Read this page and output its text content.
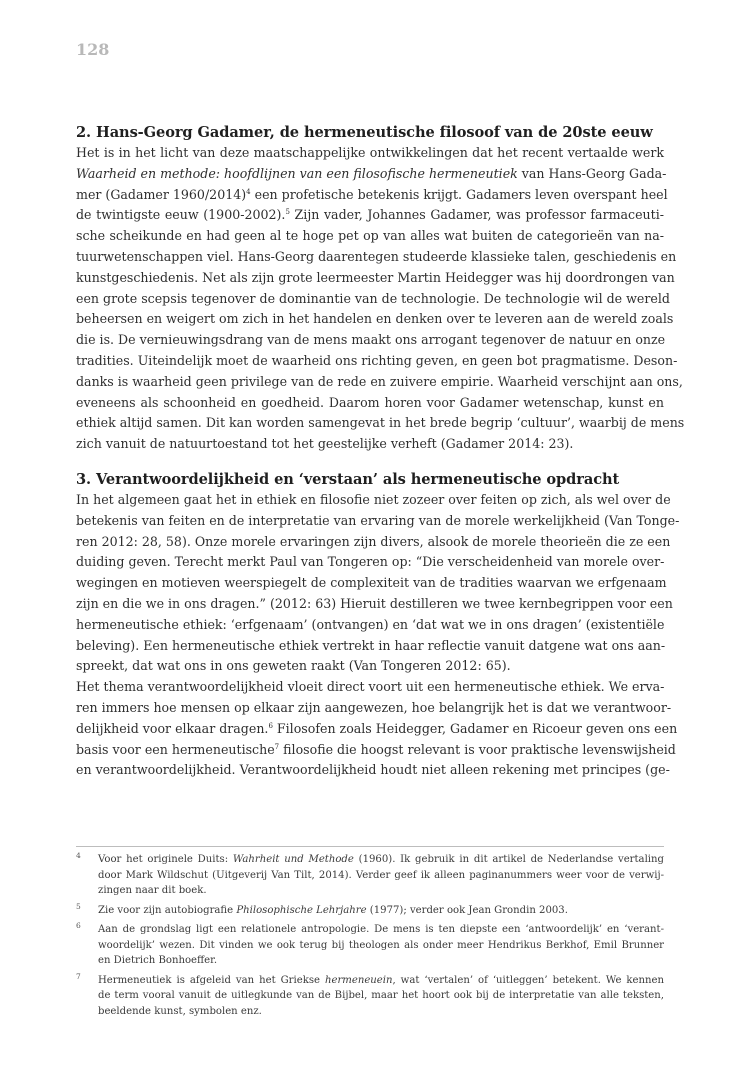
128
2. Hans-Georg Gadamer, de hermeneutische filosoof van de 20ste eeuw
Het is in het licht van deze maatschappelijke ontwikkelingen dat het recent vertaalde werk
Waarheid en methode: hoofdlijnen van een filosofische hermeneutiek van Hans-Georg Gada-
mer (Gadamer 1960/2014)$^4$ een profetische betekenis krijgt. Gadamers leven overspant heel
de twintigste eeuw (1900-2002).$^5$ Zijn vader, Johannes Gadamer, was professor farmaceuti-
sche scheikunde en had geen al te hoge pet op van alles wat buiten de categorieën van na-
tuurwetenschappen viel. Hans-Georg daarentegen studeerde klassieke talen, geschiedenis en
kunstgeschiedenis. Net als zijn grote leermeester Martin Heidegger was hij doordrongen van
een grote scepsis tegenover de dominantie van de technologie. De technologie wil de wereld
beheersen en weigert om zich in het handelen en denken over te leveren aan de wereld zoals
die is. De vernieuwingsdrang van de mens maakt ons arrogant tegenover de natuur en onze
tradities. Uiteindelijk moet de waarheid ons richting geven, en geen bot pragmatisme. Deson-
danks is waarheid geen privilege van de rede en zuivere empirie. Waarheid verschijnt aan ons,
eveneens als schoonheid en goedheid. Daarom horen voor Gadamer wetenschap, kunst en
ethiek altijd samen. Dit kan worden samengevat in het brede begrip ‘cultuur’, waarbij de mens
zich vanuit de natuurtoestand tot het geestelijke verheft (Gadamer 2014: 23).
3. Verantwoordelijkheid en ‘verstaan’ als hermeneutische opdracht
In het algemeen gaat het in ethiek en filosofie niet zozeer over feiten op zich, als wel over de
betekenis van feiten en de interpretatie van ervaring van de morele werkelijkheid (Van Tonge-
ren 2012: 28, 58). Onze morele ervaringen zijn divers, alsook de morele theorieën die ze een
duiding geven. Terecht merkt Paul van Tongeren op: “Die verscheidenheid van morele over-
wegingen en motieven weerspiegelt de complexiteit van de tradities waarvan we erfgenaam
zijn en die we in ons dragen.” (2012: 63) Hieruit destilleren we twee kernbegrippen voor een
hermeneutische ethiek: ‘erfgenaam’ (ontvangen) en ‘dat wat we in ons dragen’ (existentiële
beleving). Een hermeneutische ethiek vertrekt in haar reflectie vanuit datgene wat ons aan-
spreekt, dat wat ons in ons geweten raakt (Van Tongeren 2012: 65).
Het thema verantwoordelijkheid vloeit direct voort uit een hermeneutische ethiek. We erva-
ren immers hoe mensen op elkaar zijn aangewezen, hoe belangrijk het is dat we verantwoor-
delijkheid voor elkaar dragen.$^6$ Filosofen zoals Heidegger, Gadamer en Ricoeur geven ons een
basis voor een hermeneutische$^7$ filosofie die hoogst relevant is voor praktische levenswijsheid
en verantwoordelijkheid. Verantwoordelijkheid houdt niet alleen rekening met principes (ge-
4 Voor het originele Duits: Wahrheit und Methode (1960). Ik gebruik in dit artikel de Nederlandse vertaling
door Mark Wildschut (Uitgeverij Van Tilt, 2014). Verder geef ik alleen paginanummers weer voor de verwij-
zingen naar dit boek.
5 Zie voor zijn autobiografie Philosophische Lehrjahre (1977); verder ook Jean Grondin 2003.
6 Aan de grondslag ligt een relationele antropologie. De mens is ten diepste een ‘antwoordelijk’ en ‘verant-
woordelijk’ wezen. Dit vinden we ook terug bij theologen als onder meer Hendrikus Berkhof, Emil Brunner
en Dietrich Bonhoeffer.
7 Hermeneutiek is afgeleid van het Griekse hermeneuein, wat ‘vertalen’ of ‘uitleggen’ betekent. We kennen
de term vooral vanuit de uitlegkunde van de Bijbel, maar het hoort ook bij de interpretatie van alle teksten,
beeldende kunst, symbolen enz.
